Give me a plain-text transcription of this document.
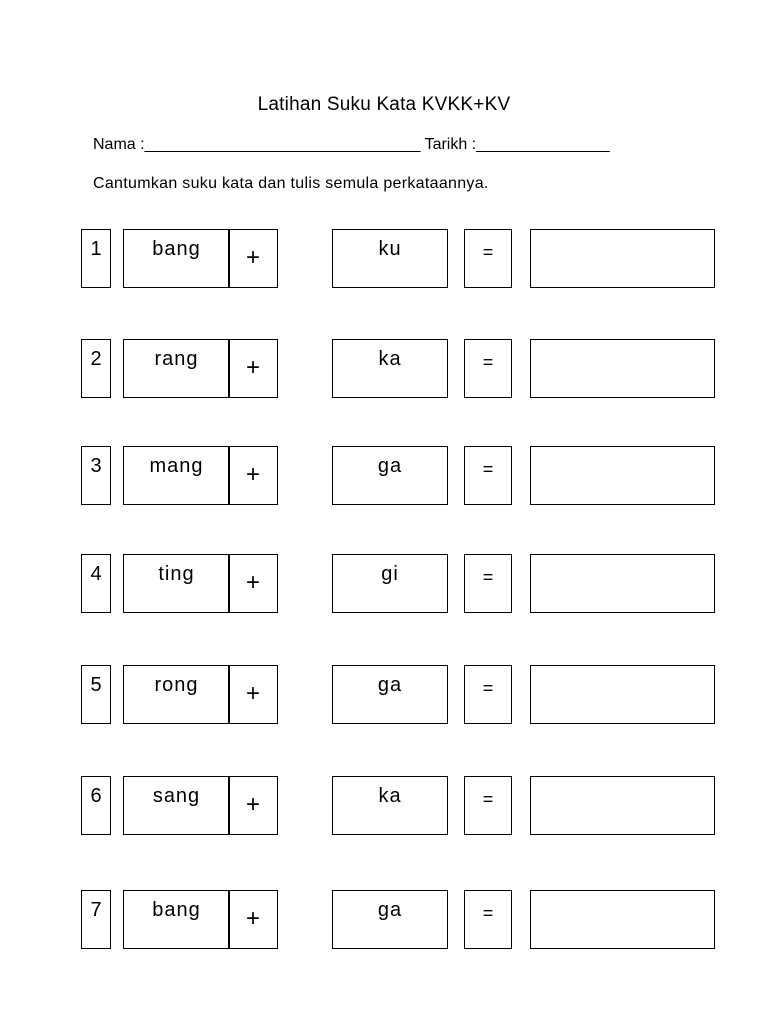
Latihan Suku Kata KVKK+KV
Nama :_______________________________ Tarikh :_______________
Cantumkan suku kata dan tulis semula perkataannya.
1	bang	+	ku	=
2	rang	+	ka	=
3	mang	+	ga	=
4	ting	+	gi	=
5	rong	+	ga	=
6	sang	+	ka	=
7	bang	+	ga	=
